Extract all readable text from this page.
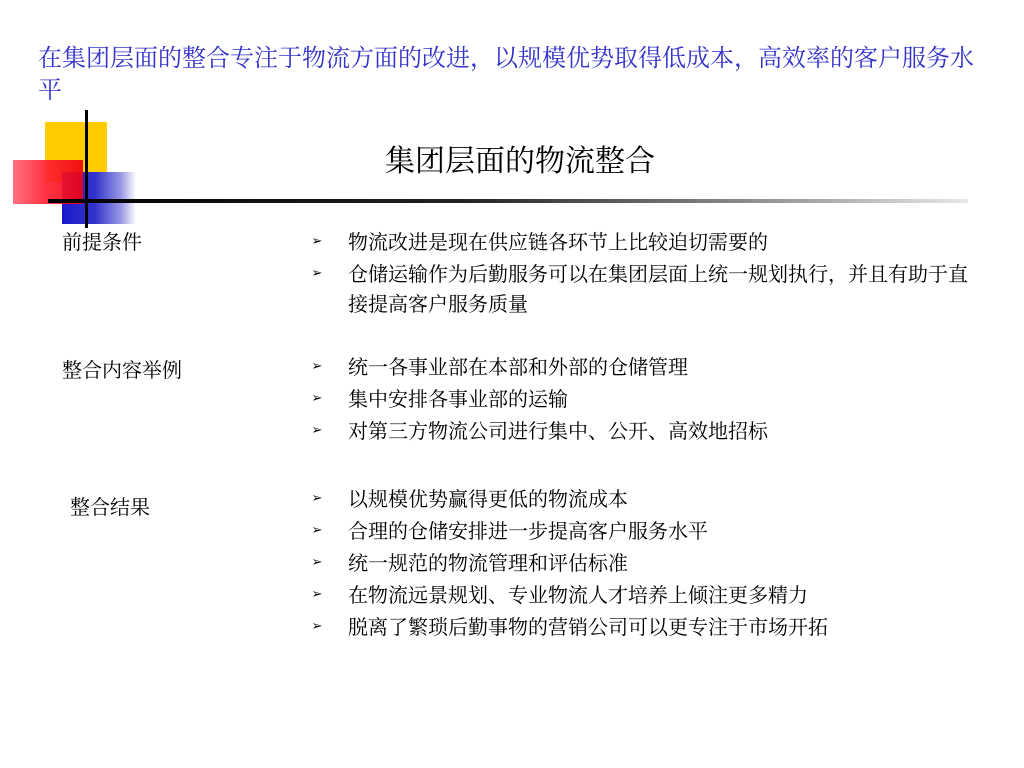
在集团层面的整合专注于物流方面的改进，以规模优势取得低成本，高效率的客户服务水平
集团层面的物流整合
前提条件	➢ 物流改进是现在供应链各环节上比较迫切需要的
➢ 仓储运输作为后勤服务可以在集团层面上统一规划执行，并且有助于直接提高客户服务质量
整合内容举例	➢ 统一各事业部在本部和外部的仓储管理
➢ 集中安排各事业部的运输
➢ 对第三方物流公司进行集中、公开、高效地招标
整合结果	➢ 以规模优势赢得更低的物流成本
➢ 合理的仓储安排进一步提高客户服务水平
➢ 统一规范的物流管理和评估标准
➢ 在物流远景规划、专业物流人才培养上倾注更多精力
➢ 脱离了繁琐后勤事物的营销公司可以更专注于市场开拓
